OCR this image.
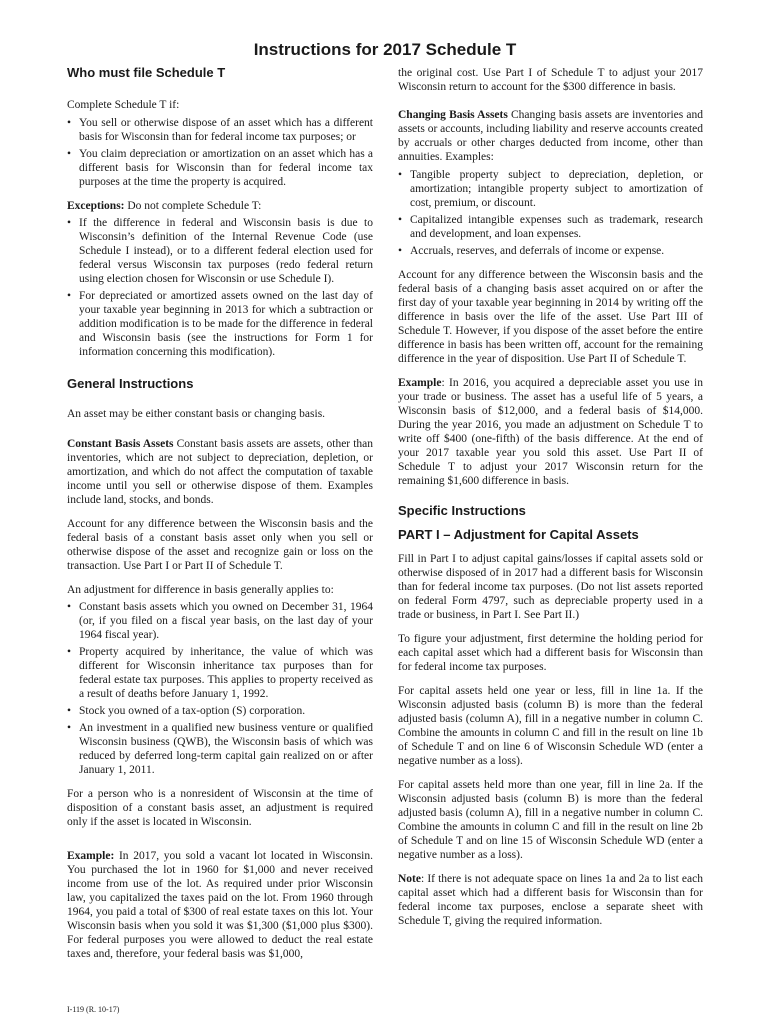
Instructions for 2017 Schedule T
Who must file Schedule T

Complete Schedule T if:

• You sell or otherwise dispose of an asset which has a different basis for Wisconsin than for federal income tax purposes; or
• You claim depreciation or amortization on an asset which has a different basis for Wisconsin than for federal income tax purposes at the time the property is acquired.

Exceptions: Do not complete Schedule T:

• If the difference in federal and Wisconsin basis is due to Wisconsin’s definition of the Internal Revenue Code (use Schedule I instead), or to a different federal election used for federal versus Wisconsin tax purposes (redo federal return using election chosen for Wisconsin or use Schedule I).
• For depreciated or amortized assets owned on the last day of your taxable year beginning in 2013 for which a subtraction or addition modification is to be made for the difference in federal and Wisconsin basis (see the instructions for Form 1 for information concerning this modification).
General Instructions

An asset may be either constant basis or changing basis.

Constant Basis Assets Constant basis assets are assets, other than inventories, which are not subject to depreciation, depletion, or amortization, and which do not affect the computation of taxable income until you sell or otherwise dispose of them. Examples include land, stocks, and bonds.

Account for any difference between the Wisconsin basis and the federal basis of a constant basis asset only when you sell or otherwise dispose of the asset and recognize gain or loss on the transaction. Use Part I or Part II of Schedule T.

An adjustment for difference in basis generally applies to:

• Constant basis assets which you owned on December 31, 1964 (or, if you filed on a fiscal year basis, on the last day of your 1964 fiscal year).
• Property acquired by inheritance, the value of which was different for Wisconsin inheritance tax purposes than for federal estate tax purposes. This applies to property received as a result of deaths before January 1, 1992.
• Stock you owned of a tax-option (S) corporation.
• An investment in a qualified new business venture or qualified Wisconsin business (QWB), the Wisconsin basis of which was reduced by deferred long-term capital gain realized on or after January 1, 2011.

For a person who is a nonresident of Wisconsin at the time of disposition of a constant basis asset, an adjustment is required only if the asset is located in Wisconsin.

Example: In 2017, you sold a vacant lot located in Wisconsin. You purchased the lot in 1960 for $1,000 and never received income from use of the lot. As required under prior Wisconsin law, you capitalized the taxes paid on the lot. From 1960 through 1964, you paid a total of $300 of real estate taxes on this lot. Your Wisconsin basis when you sold it was $1,300 ($1,000 plus $300). For federal purposes you were allowed to deduct the real estate taxes and, therefore, your federal basis was $1,000,

the original cost. Use Part I of Schedule T to adjust your 2017 Wisconsin return to account for the $300 difference in basis.

Changing Basis Assets Changing basis assets are inventories and assets or accounts, including liability and reserve accounts created by accruals or other charges deducted from income, other than annuities. Examples:

• Tangible property subject to depreciation, depletion, or amortization; intangible property subject to amortization of cost, premium, or discount.
• Capitalized intangible expenses such as trademark, research and development, and loan expenses.
• Accruals, reserves, and deferrals of income or expense.

Account for any difference between the Wisconsin basis and the federal basis of a changing basis asset acquired on or after the first day of your taxable year beginning in 2014 by writing off the difference in basis over the life of the asset. Use Part III of Schedule T. However, if you dispose of the asset before the entire difference in basis has been written off, account for the remaining difference in the year of disposition. Use Part II of Schedule T.

Example: In 2016, you acquired a depreciable asset you use in your trade or business. The asset has a useful life of 5 years, a Wisconsin basis of $12,000, and a federal basis of $14,000. During the year 2016, you made an adjustment on Schedule T to write off $400 (one-fifth) of the basis difference. At the end of your 2017 taxable year you sold this asset. Use Part II of Schedule T to adjust your 2017 Wisconsin return for the remaining $1,600 difference in basis.

Specific Instructions
PART I – Adjustment for Capital Assets

Fill in Part I to adjust capital gains/losses if capital assets sold or otherwise disposed of in 2017 had a different basis for Wisconsin than for federal income tax purposes. (Do not list assets reported on federal Form 4797, such as depreciable property used in a trade or business, in Part I. See Part II.)

To figure your adjustment, first determine the holding period for each capital asset which had a different basis for Wisconsin than for federal income tax purposes.

For capital assets held one year or less, fill in line 1a. If the Wisconsin adjusted basis (column B) is more than the federal adjusted basis (column A), fill in a negative number in column C. Combine the amounts in column C and fill in the result on line 1b of Schedule T and on line 6 of Wisconsin Schedule WD (enter a negative number as a loss).

For capital assets held more than one year, fill in line 2a. If the Wisconsin adjusted basis (column B) is more than the federal adjusted basis (column A), fill in a negative number in column C. Combine the amounts in column C and fill in the result on line 2b of Schedule T and on line 15 of Wisconsin Schedule WD (enter a negative number as a loss).

Note: If there is not adequate space on lines 1a and 2a to list each capital asset which had a different basis for Wisconsin than for federal income tax purposes, enclose a separate sheet with Schedule T, giving the required information.

I-119 (R. 10-17)
